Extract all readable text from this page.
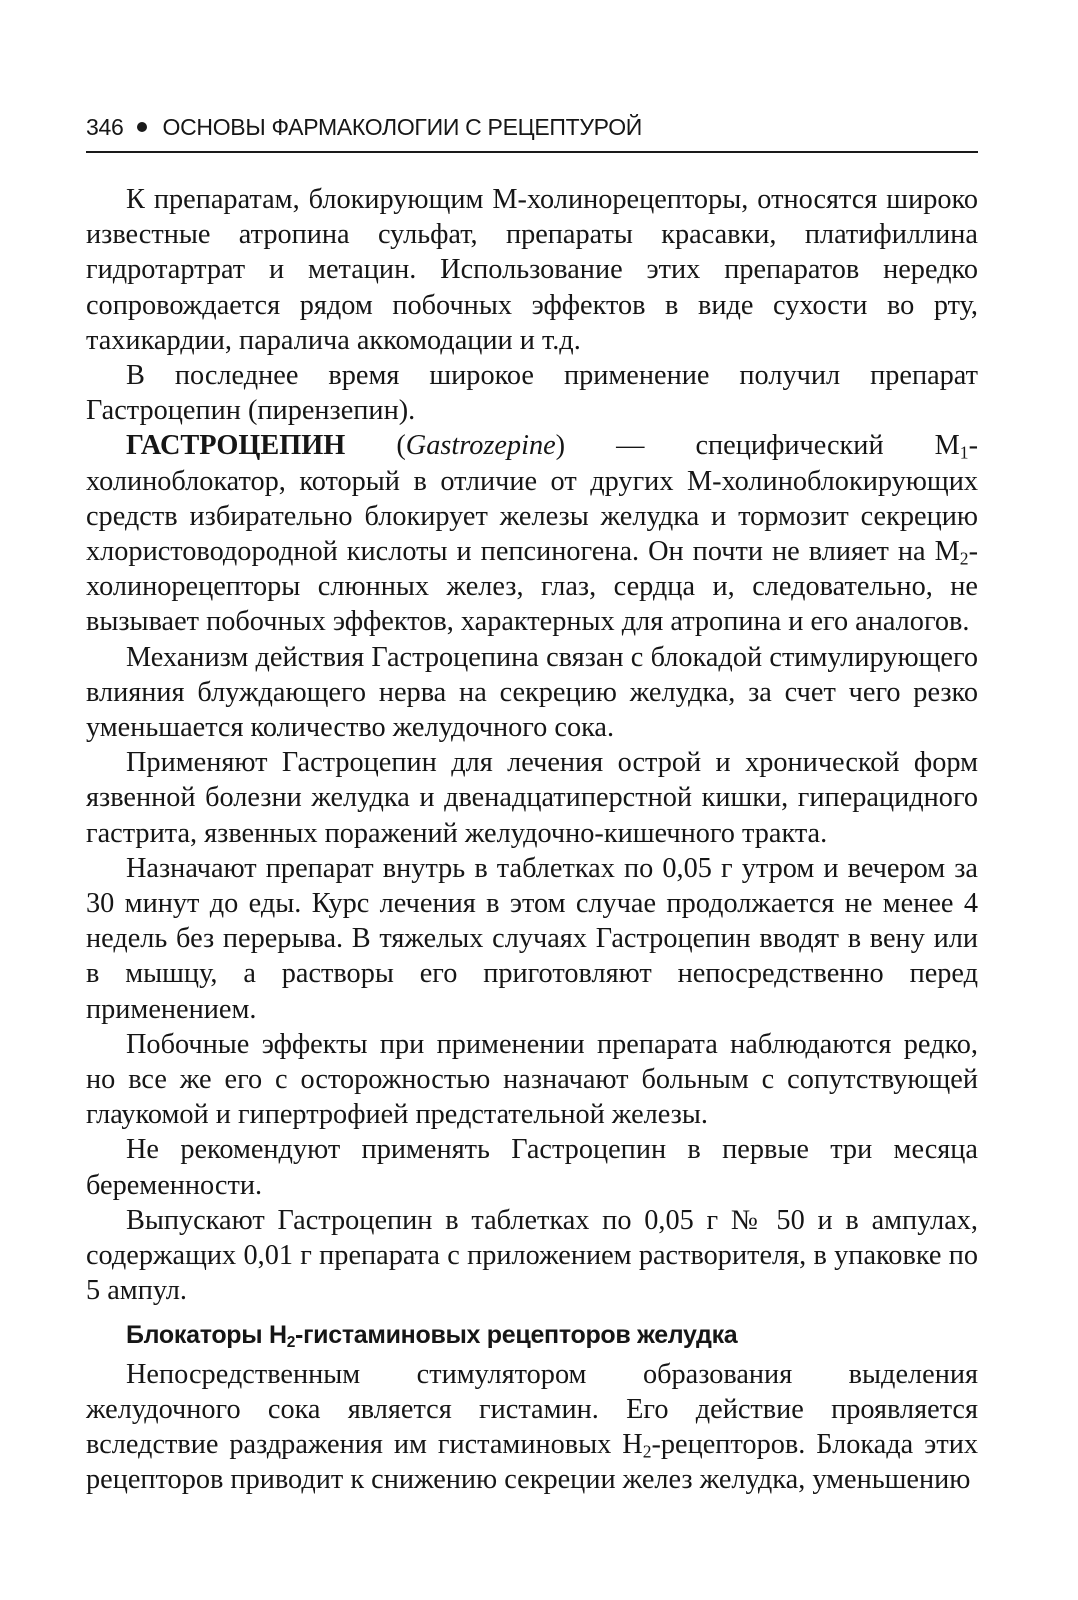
346 ОСНОВЫ ФАРМАКОЛОГИИ С РЕЦЕПТУРОЙ

К препаратам, блокирующим М-холинорецепторы, относятся широко известные атропина сульфат, препараты красавки, платифиллина гидротартрат и метацин. Использование этих препаратов нередко сопровождается рядом побочных эффектов в виде сухости во рту, тахикардии, паралича аккомодации и т.д.

В последнее время широкое применение получил препарат Гастроцепин (пирензепин).

ГАСТРОЦЕПИН (Gastrozepine) — специфический $М_1$-холиноблокатор, который в отличие от других М-холиноблокирующих средств избирательно блокирует железы желудка и тормозит секрецию хлористоводородной кислоты и пепсиногена. Он почти не влияет на $М_2$-холинорецепторы слюнных желез, глаз, сердца и, следовательно, не вызывает побочных эффектов, характерных для атропина и его аналогов.

Механизм действия Гастроцепина связан с блокадой стимулирующего влияния блуждающего нерва на секрецию желудка, за счет чего резко уменьшается количество желудочного сока.

Применяют Гастроцепин для лечения острой и хронической форм язвенной болезни желудка и двенадцатиперстной кишки, гиперацидного гастрита, язвенных поражений желудочно-кишечного тракта.

Назначают препарат внутрь в таблетках по 0,05 г утром и вечером за 30 минут до еды. Курс лечения в этом случае продолжается не менее 4 недель без перерыва. В тяжелых случаях Гастроцепин вводят в вену или в мышцу, а растворы его приготовляют непосредственно перед применением.

Побочные эффекты при применении препарата наблюдаются редко, но все же его с осторожностью назначают больным с сопутствующей глаукомой и гипертрофией предстательной железы.

Не рекомендуют применять Гастроцепин в первые три месяца беременности.

Выпускают Гастроцепин в таблетках по 0,05 г № 50 и в ампулах, содержащих 0,01 г препарата с приложением растворителя, в упаковке по 5 ампул.

Блокаторы $H_2$-гистаминовых рецепторов желудка

Непосредственным стимулятором образования выделения желудочного сока является гистамин. Его действие проявляется вследствие раздражения им гистаминовых $H_2$-рецепторов. Блокада этих рецепторов приводит к снижению секреции желез желудка, уменьшению
